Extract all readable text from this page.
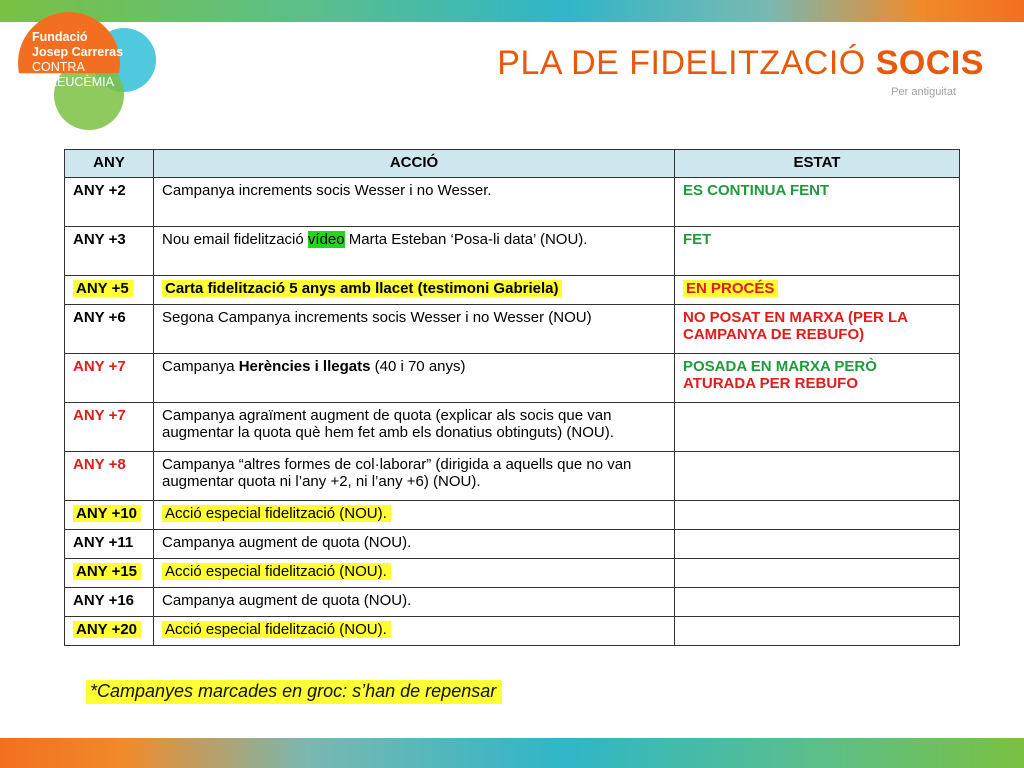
Fundació
Josep Carreras
CONTRA
LA LEUCÈMIA	PLA DE FIDELITZACIÓ SOCIS
Per antiguitat
ANY	ACCIÓ	ESTAT
ANY +2	Campanya increments socis Wesser i no Wesser.	ES CONTINUA FENT
ANY +3	Nou email fidelització vídeo Marta Esteban ‘Posa-li data’ (NOU).	FET
ANY +5	Carta fidelització 5 anys amb llacet (testimoni Gabriela)	EN PROCÉS
ANY +6	Segona Campanya increments socis Wesser i no Wesser (NOU)	NO POSAT EN MARXA (PER LA CAMPANYA DE REBUFO)
ANY +7	Campanya Herències i llegats (40 i 70 anys)	POSADA EN MARXA PERÒ
ATURADA PER REBUFO

ANY +7	Campanya agraïment augment de quota (explicar als socis que van augmentar la quota què hem fet amb els donatius obtinguts) (NOU).	
ANY +8	Campanya “altres formes de col·laborar” (dirigida a aquells que no van augmentar quota ni l’any +2, ni l’any +6) (NOU).	
ANY +10	Acció especial fidelització (NOU).	
ANY +11	Campanya augment de quota (NOU).	
ANY +15	Acció especial fidelització (NOU).	
ANY +16	Campanya augment de quota (NOU).	
ANY +20	Acció especial fidelització (NOU).	
*Campanyes marcades en groc: s’han de repensar
